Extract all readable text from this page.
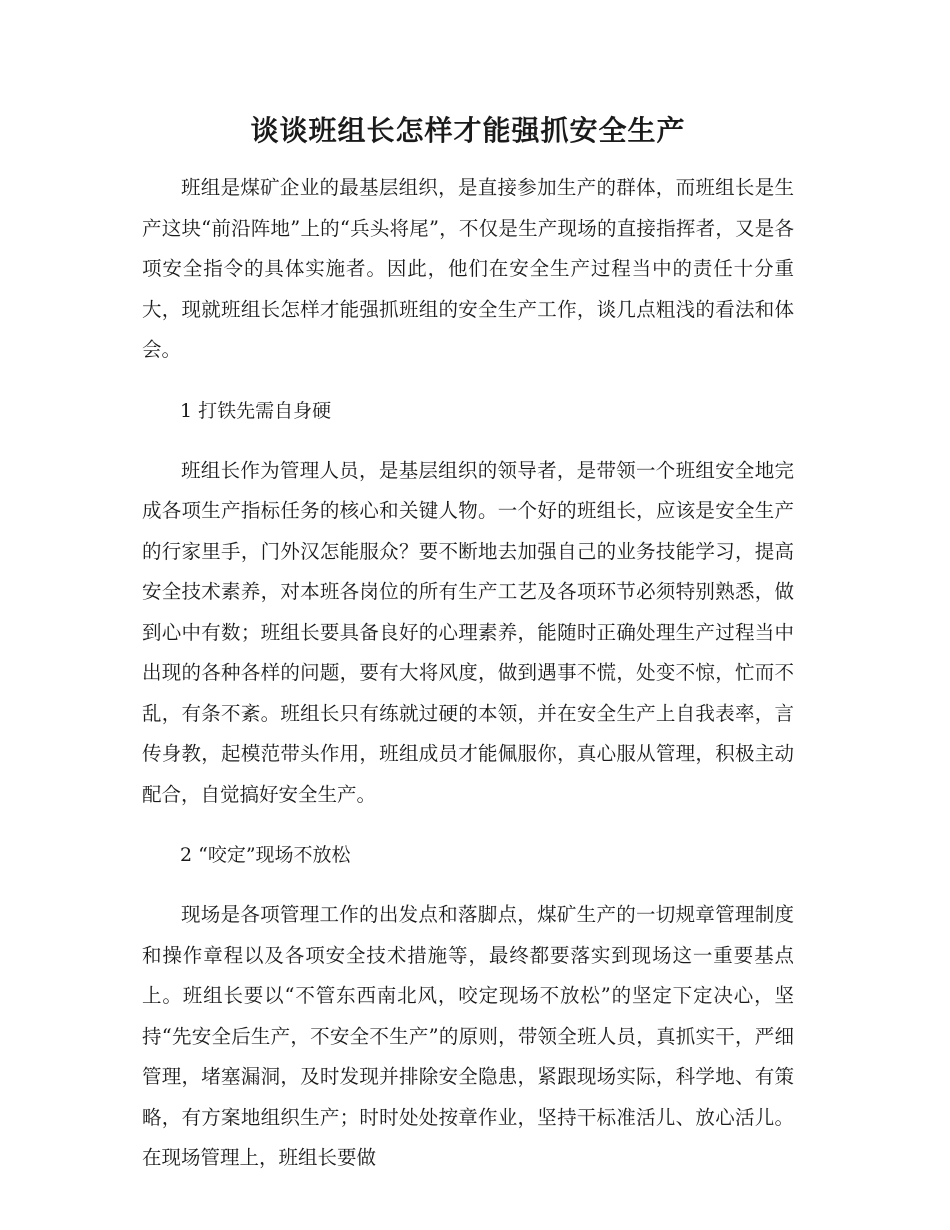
谈谈班组长怎样才能强抓安全生产

班组是煤矿企业的最基层组织，是直接参加生产的群体，而班组长是生产这块“前沿阵地”上的“兵头将尾”，不仅是生产现场的直接指挥者，又是各项安全指令的具体实施者。因此，他们在安全生产过程当中的责任十分重大，现就班组长怎样才能强抓班组的安全生产工作，谈几点粗浅的看法和体会。

1 打铁先需自身硬

班组长作为管理人员，是基层组织的领导者，是带领一个班组安全地完成各项生产指标任务的核心和关键人物。一个好的班组长，应该是安全生产的行家里手，门外汉怎能服众？要不断地去加强自己的业务技能学习，提高安全技术素养，对本班各岗位的所有生产工艺及各项环节必须特别熟悉，做到心中有数；班组长要具备良好的心理素养，能随时正确处理生产过程当中出现的各种各样的问题，要有大将风度，做到遇事不慌，处变不惊，忙而不乱，有条不紊。班组长只有练就过硬的本领，并在安全生产上自我表率，言传身教，起模范带头作用，班组成员才能佩服你，真心服从管理，积极主动配合，自觉搞好安全生产。

2 “咬定”现场不放松

现场是各项管理工作的出发点和落脚点，煤矿生产的一切规章管理制度和操作章程以及各项安全技术措施等，最终都要落实到现场这一重要基点上。班组长要以“不管东西南北风，咬定现场不放松”的坚定下定决心，坚持“先安全后生产，不安全不生产”的原则，带领全班人员，真抓实干，严细管理，堵塞漏洞，及时发现并排除安全隐患，紧跟现场实际，科学地、有策略，有方案地组织生产；时时处处按章作业，坚持干标准活儿、放心活儿。在现场管理上，班组长要做
